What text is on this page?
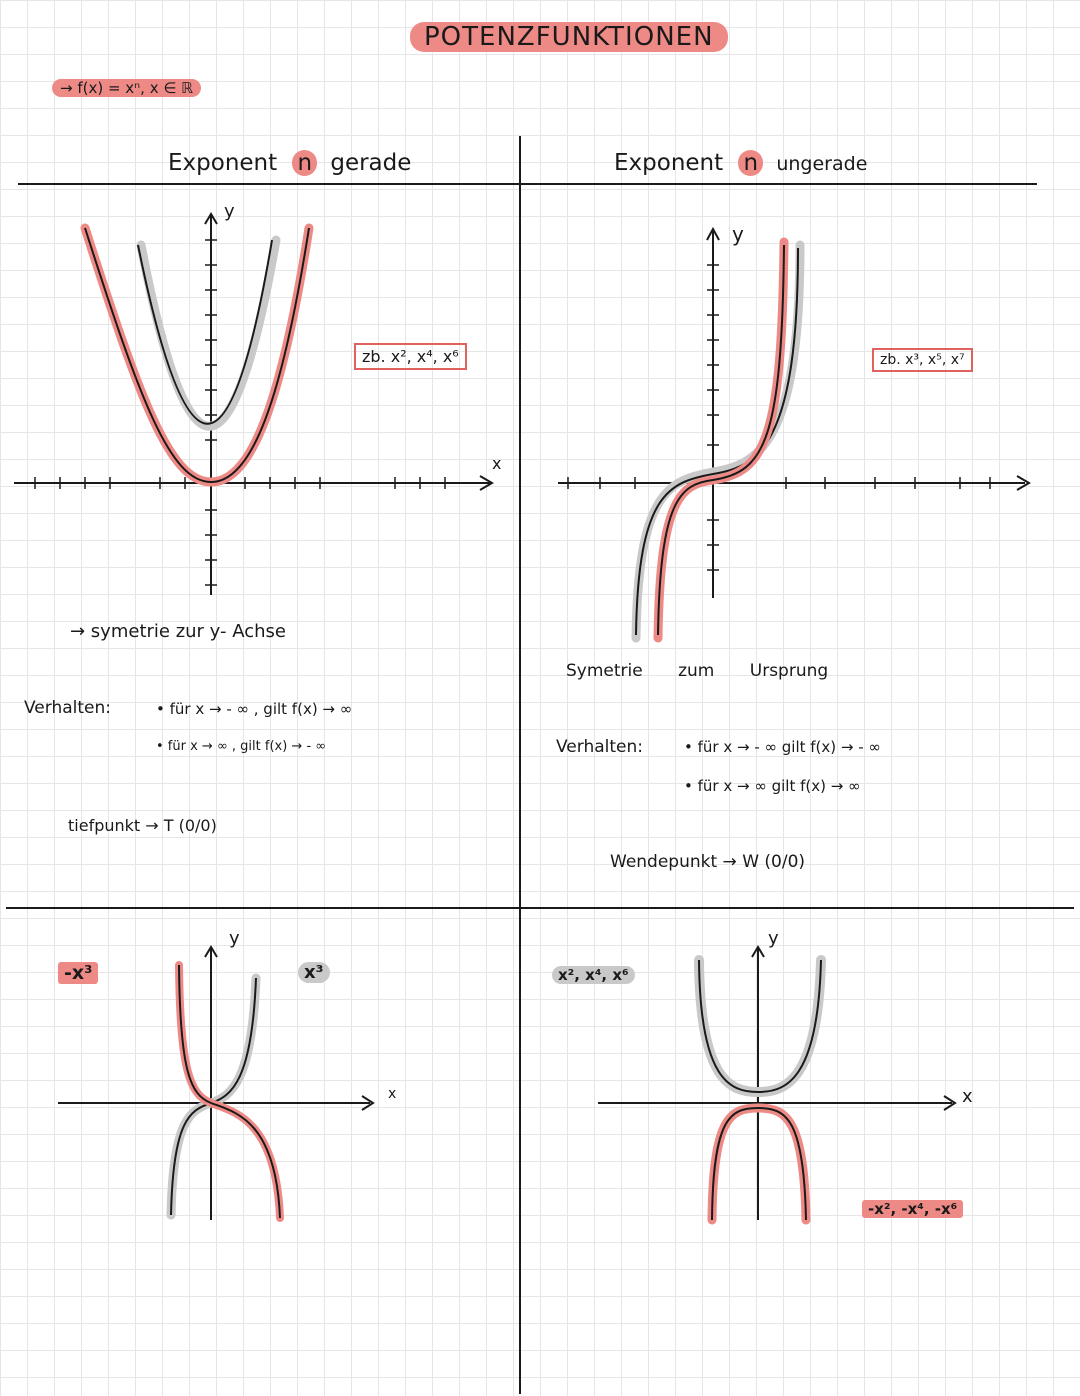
POTENZFUNKTIONEN
→ f(x) = xⁿ, x ∈ ℝ
Exponent n gerade	Exponent n ungerade
y
x
zb. x², x⁴, x⁶
→ symetrie zur y- Achse
Verhalten:	• für x → - ∞ , gilt f(x) → ∞
• für x → ∞ , gilt f(x) → - ∞
tiefpunkt → T (0/0)
y
zb. x³, x⁵, x⁷
Symetrie zum Ursprung
Verhalten:	• für x → - ∞ gilt f(x) → - ∞
• für x → ∞ gilt f(x) → ∞
Wendepunkt → W (0/0)
y
x
-x³	x³
y
x
x², x⁴, x⁶
-x², -x⁴, -x⁶
